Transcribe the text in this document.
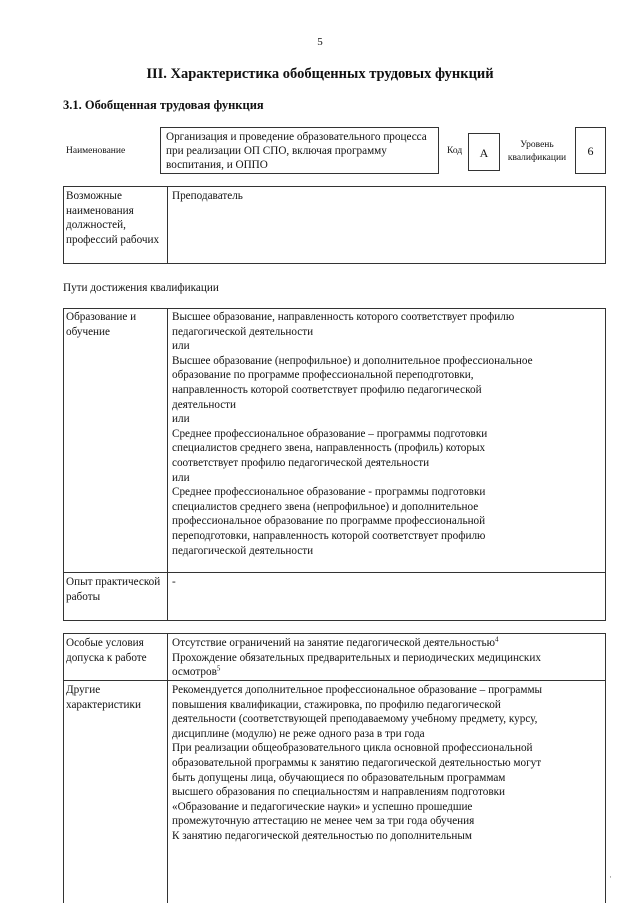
5
III. Характеристика обобщенных трудовых функций
3.1. Обобщенная трудовая функция
Наименование
Организация и проведение образовательного процесса при реализации ОП СПО, включая программу воспитания, и ОППО
Код	А
Уровень квалификации	6
Возможные наименования должностей, профессий рабочих
Преподаватель
Пути достижения квалификации
Образование и обучение
Высшее образование, направленность которого соответствует профилю
педагогической деятельности
или
Высшее образование (непрофильное) и дополнительное профессиональное
образование по программе профессиональной переподготовки,
направленность которой соответствует профилю педагогической
деятельности
или
Среднее профессиональное образование – программы подготовки
специалистов среднего звена, направленность (профиль) которых
соответствует профилю педагогической деятельности
или
Среднее профессиональное образование - программы подготовки
специалистов среднего звена (непрофильное) и дополнительное
профессиональное образование по программе профессиональной
переподготовки, направленность которой соответствует профилю
педагогической деятельности
Опыт практической работы
-
Особые условия допуска к работе
Отсутствие ограничений на занятие педагогической деятельностью$^4$
Прохождение обязательных предварительных и периодических медицинских
осмотров$^5$
Другие характеристики
Рекомендуется дополнительное профессиональное образование – программы
повышения квалификации, стажировка, по профилю педагогической
деятельности (соответствующей преподаваемому учебному предмету, курсу,
дисциплине (модулю) не реже одного раза в три года
При реализации общеобразовательного цикла основной профессиональной
образовательной программы к занятию педагогической деятельностью могут
быть допущены лица, обучающиеся по образовательным программам
высшего образования по специальностям и направлениям подготовки
«Образование и педагогические науки» и успешно прошедшие
промежуточную аттестацию не менее чем за три года обучения
К занятию педагогической деятельностью по дополнительным
·
